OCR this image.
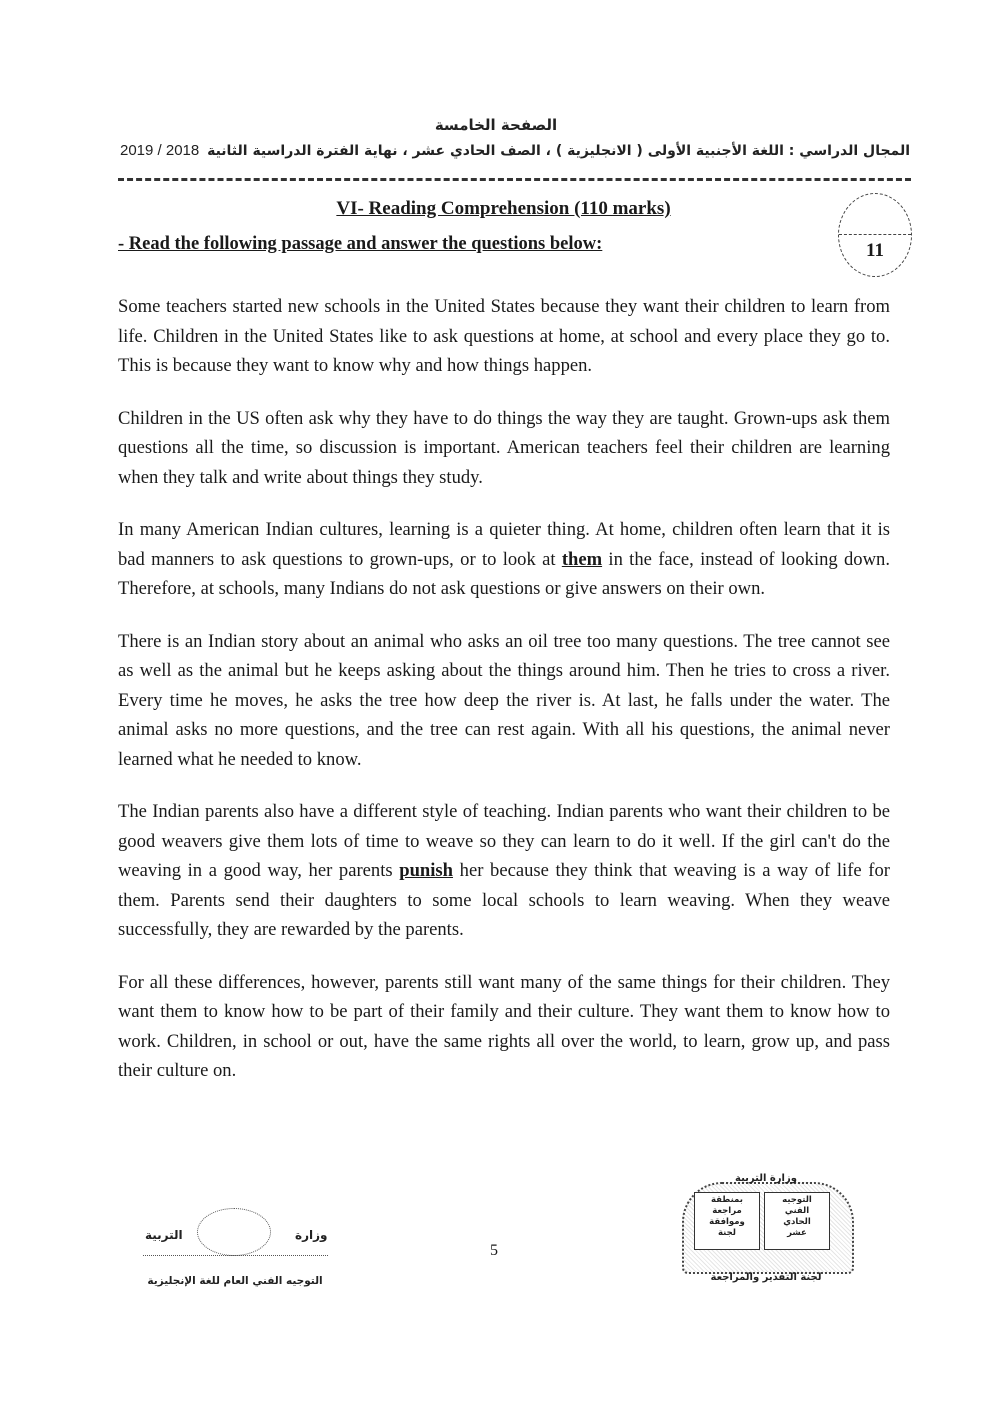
الصفحة الخامسة
المجال الدراسي : اللغة الأجنبية الأولى ( الانجليزية ) ، الصف الحادي عشر ، نهاية الفترة الدراسية الثانية
2019 / 2018
VI- Reading Comprehension (110 marks)
- Read the following passage and answer the questions below:	11

Some teachers started new schools in the United States because they want their children to learn from life. Children in the United States like to ask questions at home, at school and every place they go to. This is because they want to know why and how things happen.

Children in the US often ask why they have to do things the way they are taught. Grown-ups ask them questions all the time, so discussion is important. American teachers feel their children are learning when they talk and write about things they study.

In many American Indian cultures, learning is a quieter thing. At home, children often learn that it is bad manners to ask questions to grown-ups, or to look at them in the face, instead of looking down. Therefore, at schools, many Indians do not ask questions or give answers on their own.

There is an Indian story about an animal who asks an oil tree too many questions. The tree cannot see as well as the animal but he keeps asking about the things around him. Then he tries to cross a river. Every time he moves, he asks the tree how deep the river is. At last, he falls under the water. The animal asks no more questions, and the tree can rest again. With all his questions, the animal never learned what he needed to know.

The Indian parents also have a different style of teaching. Indian parents who want their children to be good weavers give them lots of time to weave so they can learn to do it well. If the girl can't do the weaving in a good way, her parents punish her because they think that weaving is a way of life for them. Parents send their daughters to some local schools to learn weaving. When they weave successfully, they are rewarded by the parents.

For all these differences, however, parents still want many of the same things for their children. They want them to know how to be part of their family and their culture. They want them to know how to work. Children, in school or out, have the same rights all over the world, to learn, grow up, and pass their culture on.

وزارة
التربية
التوجيه الفني العام للغة الإنجليزية
5
وزارة التربية
بمنطقة
مراجعة
وموافقة
لجنة
التوجيه
الفني
الحادي
عشر
لجنة التقدير والمراجعة
